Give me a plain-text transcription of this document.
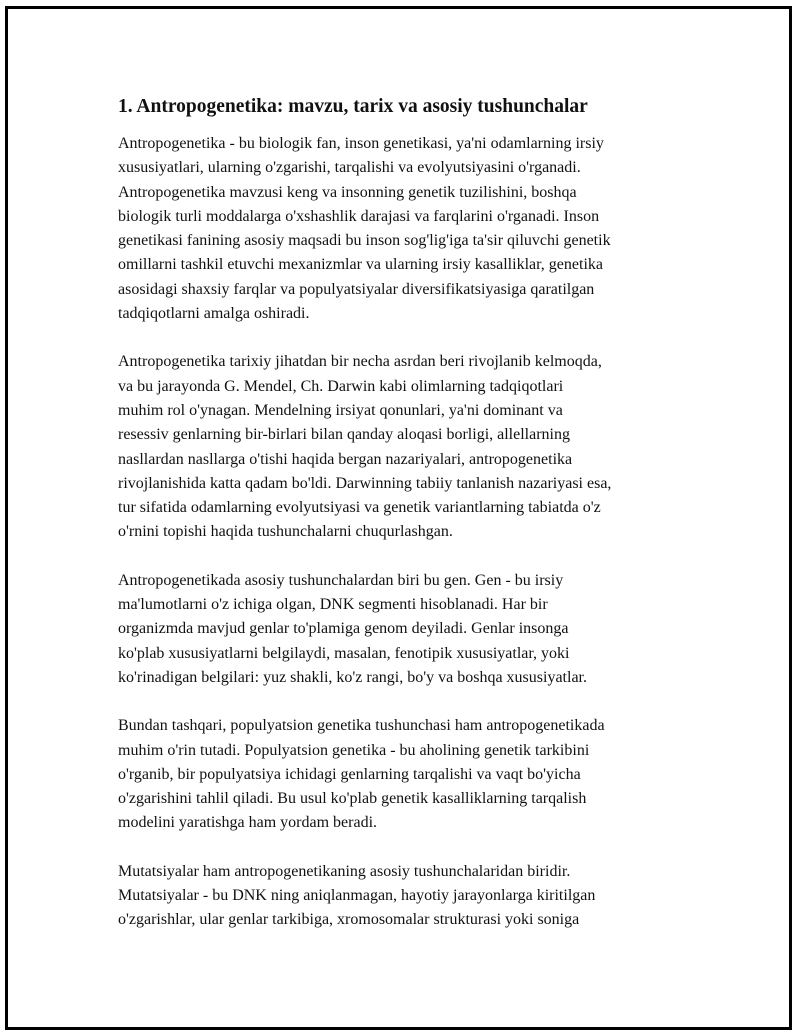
1. Antropogenetika: mavzu, tarix va asosiy tushunchalar
Antropogenetika - bu biologik fan, inson genetikasi, ya'ni odamlarning irsiy
xususiyatlari, ularning o'zgarishi, tarqalishi va evolyutsiyasini o'rganadi.
Antropogenetika mavzusi keng va insonning genetik tuzilishini, boshqa
biologik turli moddalarga o'xshashlik darajasi va farqlarini o'rganadi. Inson
genetikasi fanining asosiy maqsadi bu inson sog'lig'iga ta'sir qiluvchi genetik
omillarni tashkil etuvchi mexanizmlar va ularning irsiy kasalliklar, genetika
asosidagi shaxsiy farqlar va populyatsiyalar diversifikatsiyasiga qaratilgan
tadqiqotlarni amalga oshiradi.
Antropogenetika tarixiy jihatdan bir necha asrdan beri rivojlanib kelmoqda,
va bu jarayonda G. Mendel, Ch. Darwin kabi olimlarning tadqiqotlari
muhim rol o'ynagan. Mendelning irsiyat qonunlari, ya'ni dominant va
resessiv genlarning bir-birlari bilan qanday aloqasi borligi, allellarning
nasllardan nasllarga o'tishi haqida bergan nazariyalari, antropogenetika
rivojlanishida katta qadam bo'ldi. Darwinning tabiiy tanlanish nazariyasi esa,
tur sifatida odamlarning evolyutsiyasi va genetik variantlarning tabiatda o'z
o'rnini topishi haqida tushunchalarni chuqurlashgan.
Antropogenetikada asosiy tushunchalardan biri bu gen. Gen - bu irsiy
ma'lumotlarni o'z ichiga olgan, DNK segmenti hisoblanadi. Har bir
organizmda mavjud genlar to'plamiga genom deyiladi. Genlar insonga
ko'plab xususiyatlarni belgilaydi, masalan, fenotipik xususiyatlar, yoki
ko'rinadigan belgilari: yuz shakli, ko'z rangi, bo'y va boshqa xususiyatlar.
Bundan tashqari, populyatsion genetika tushunchasi ham antropogenetikada
muhim o'rin tutadi. Populyatsion genetika - bu aholining genetik tarkibini
o'rganib, bir populyatsiya ichidagi genlarning tarqalishi va vaqt bo'yicha
o'zgarishini tahlil qiladi. Bu usul ko'plab genetik kasalliklarning tarqalish
modelini yaratishga ham yordam beradi.
Mutatsiyalar ham antropogenetikaning asosiy tushunchalaridan biridir.
Mutatsiyalar - bu DNK ning aniqlanmagan, hayotiy jarayonlarga kiritilgan
o'zgarishlar, ular genlar tarkibiga, xromosomalar strukturasi yoki soniga
